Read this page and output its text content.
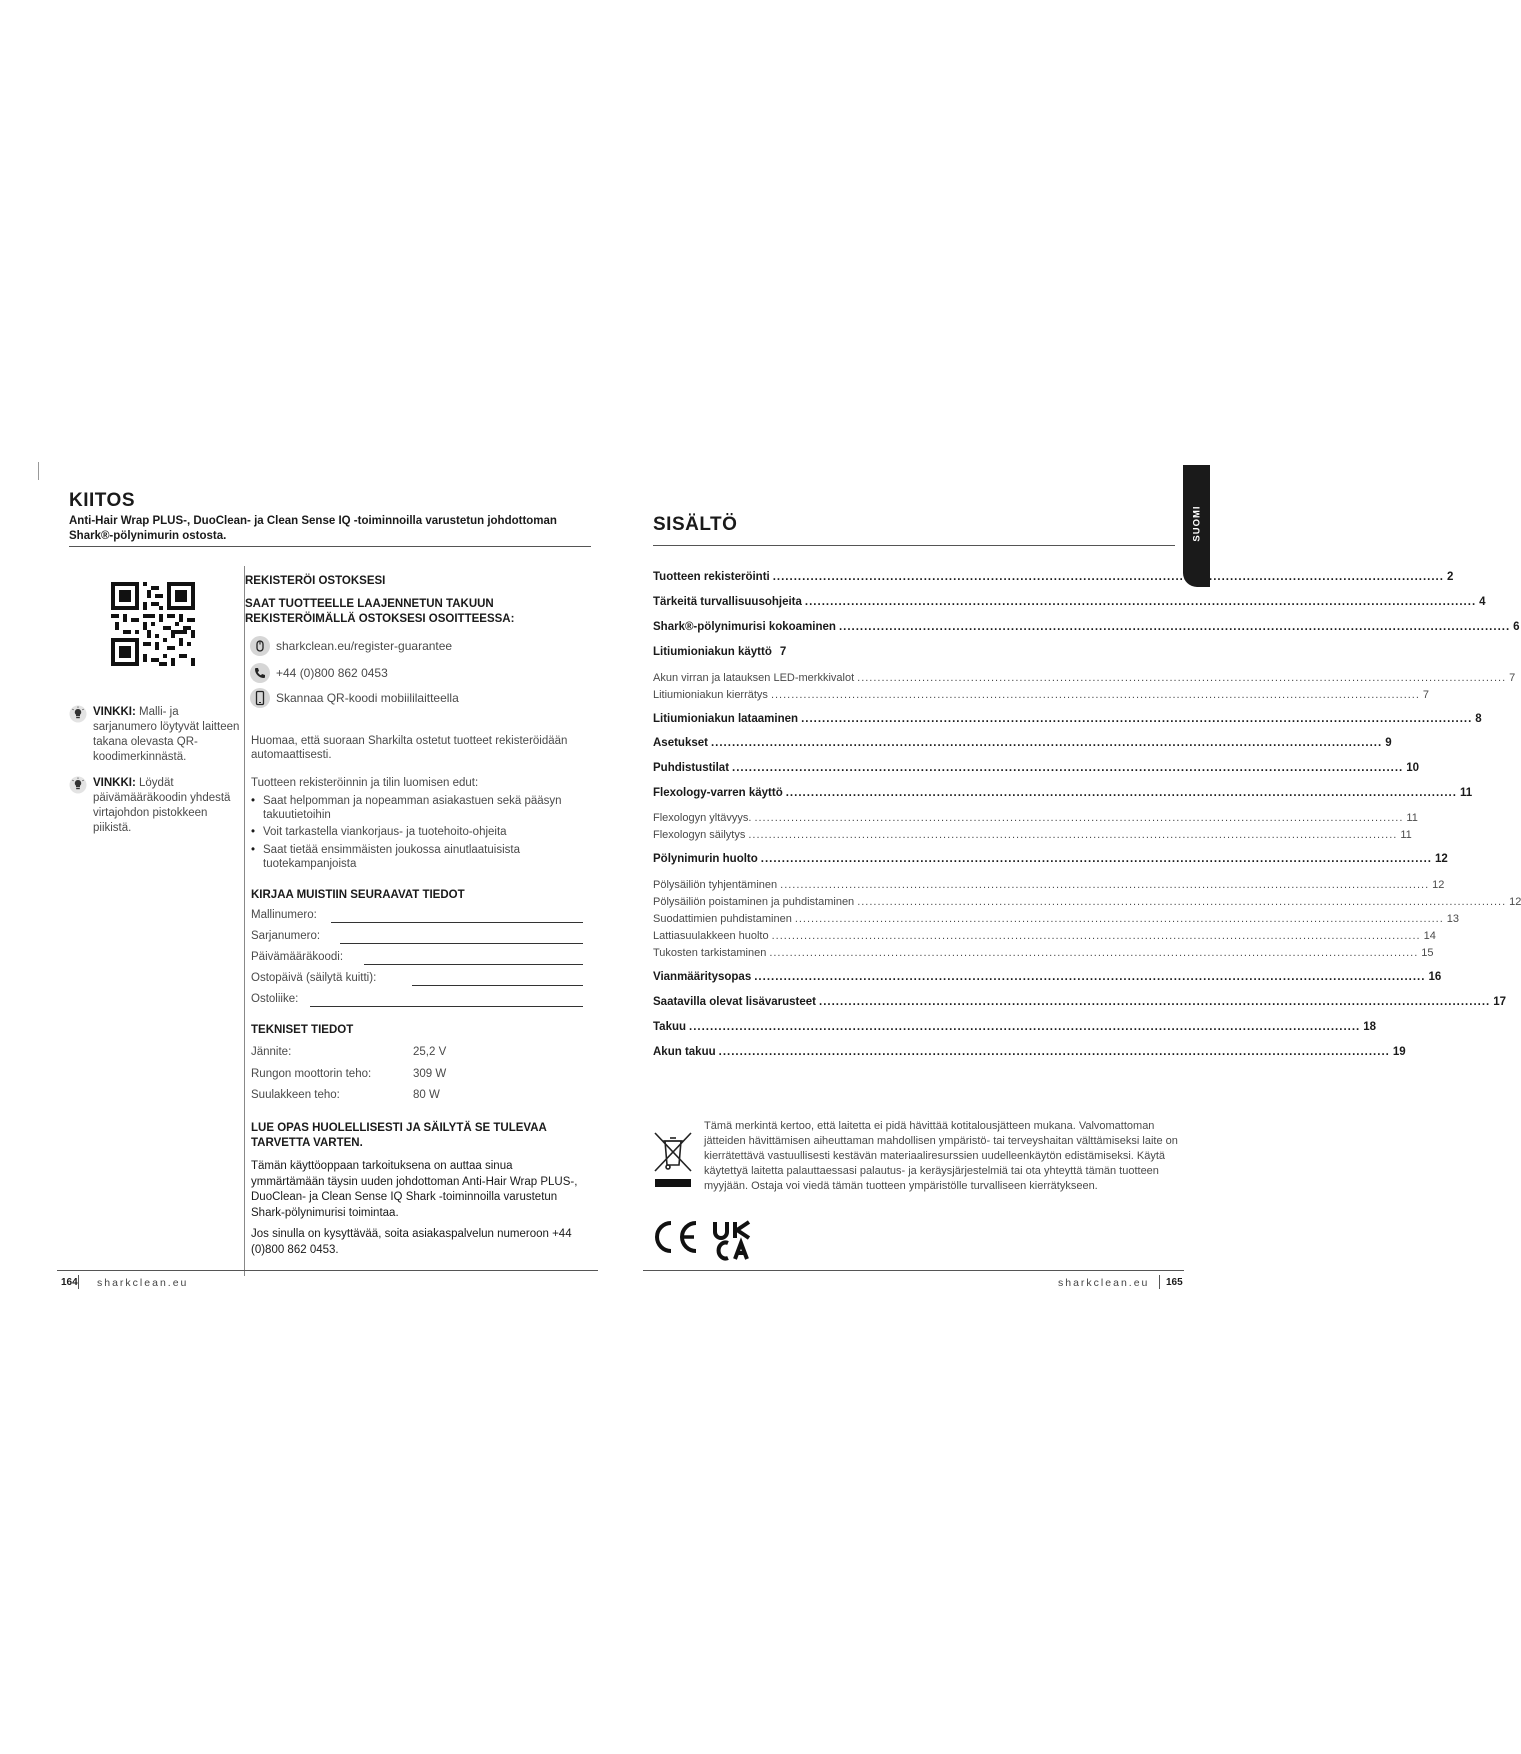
KIITOS
Anti-Hair Wrap PLUS-, DuoClean- ja Clean Sense IQ -toiminnoilla varustetun johdottoman Shark®-pölynimurin ostosta.
VINKKI: Malli- ja sarjanumero löytyvät laitteen takana olevasta QR-koodimerkinnästä.
VINKKI: Löydät päivämääräkoodin yhdestä virtajohdon pistokkeen piikistä.
REKISTERÖI OSTOKSESI
SAAT TUOTTEELLE LAAJENNETUN TAKUUN REKISTERÖIMÄLLÄ OSTOKSESI OSOITTEESSA:
sharkclean.eu/register-guarantee
+44 (0)800 862 0453
Skannaa QR-koodi mobiililaitteella
Huomaa, että suoraan Sharkilta ostetut tuotteet rekisteröidään automaattisesti.
Tuotteen rekisteröinnin ja tilin luomisen edut:
• Saat helpomman ja nopeamman asiakastuen sekä pääsyn takuutietoihin
• Voit tarkastella viankorjaus- ja tuotehoito-ohjeita
• Saat tietää ensimmäisten joukossa ainutlaatuisista tuotekampanjoista
KIRJAA MUISTIIN SEURAAVAT TIEDOT
Mallinumero:
Sarjanumero:
Päivämääräkoodi:
Ostopäivä (säilytä kuitti):
Ostoliike:
TEKNISET TIEDOT
Jännite:	25,2 V
Rungon moottorin teho:	309 W
Suulakkeen teho:	80 W
LUE OPAS HUOLELLISESTI JA SÄILYTÄ SE TULEVAA TARVETTA VARTEN.
Tämän käyttöoppaan tarkoituksena on auttaa sinua ymmärtämään täysin uuden johdottoman Anti-Hair Wrap PLUS-, DuoClean- ja Clean Sense IQ Shark -toiminnoilla varustetun Shark-pölynimurisi toimintaa.
Jos sinulla on kysyttävää, soita asiakaspalvelun numeroon +44 (0)800 862 0453.
164 sharkclean.eu
SUOMI
SISÄLTÖ
Tuotteen rekisteröinti ................................................................................................................................................................ 2
Tärkeitä turvallisuusohjeita ................................................................................................................................................................ 4
Shark®-pölynimurisi kokoaminen ................................................................................................................................................................ 6
Litiumioniakun käyttö 7
Akun virran ja latauksen LED-merkkivalot ................................................................................................................................................................ 7
Litiumioniakun kierrätys ................................................................................................................................................................ 7
Litiumioniakun lataaminen ................................................................................................................................................................ 8
Asetukset ................................................................................................................................................................ 9
Puhdistustilat ................................................................................................................................................................ 10
Flexology-varren käyttö ................................................................................................................................................................ 11
Flexologyn yltävyys. ................................................................................................................................................................ 11
Flexologyn säilytys ................................................................................................................................................................ 11
Pölynimurin huolto ................................................................................................................................................................ 12
Pölysäiliön tyhjentäminen ................................................................................................................................................................ 12
Pölysäiliön poistaminen ja puhdistaminen ................................................................................................................................................................ 12
Suodattimien puhdistaminen ................................................................................................................................................................ 13
Lattiasuulakkeen huolto ................................................................................................................................................................ 14
Tukosten tarkistaminen ................................................................................................................................................................ 15
Vianmääritysopas ................................................................................................................................................................ 16
Saatavilla olevat lisävarusteet ................................................................................................................................................................ 17
Takuu ................................................................................................................................................................ 18
Akun takuu ................................................................................................................................................................ 19
Tämä merkintä kertoo, että laitetta ei pidä hävittää kotitalousjätteen mukana. Valvomattoman jätteiden hävittämisen aiheuttaman mahdollisen ympäristö- tai terveyshaitan välttämiseksi laite on kierrätettävä vastuullisesti kestävän materiaaliresurssien uudelleenkäytön edistämiseksi. Käytä käytettyä laitetta palauttaessasi palautus- ja keräysjärjestelmiä tai ota yhteyttä tämän tuotteen myyjään. Ostaja voi viedä tämän tuotteen ympäristölle turvalliseen kierrätykseen.
sharkclean.eu 165
